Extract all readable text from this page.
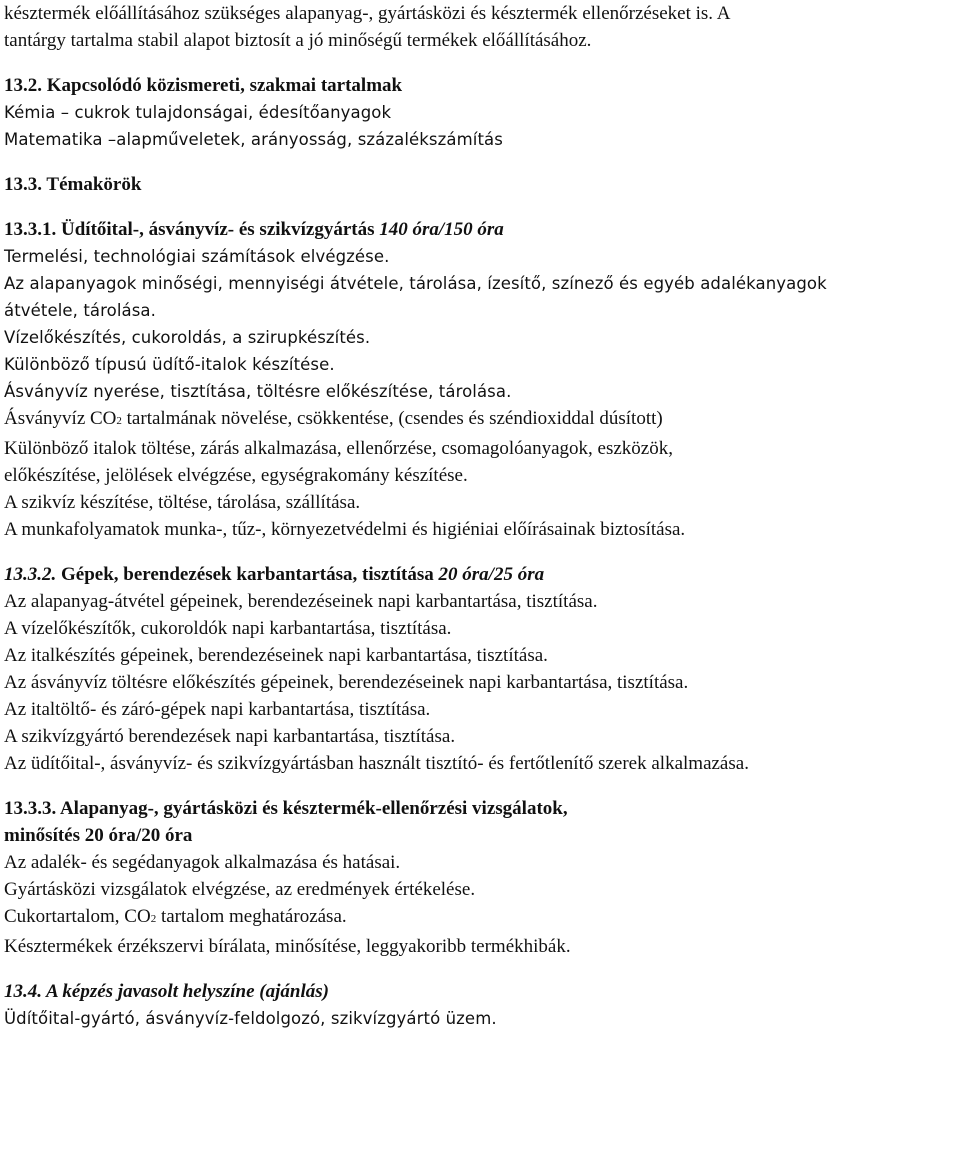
késztermék előállításához szükséges alapanyag-, gyártásközi és késztermék ellenőrzéseket is. A
tantárgy tartalma stabil alapot biztosít a jó minőségű termékek előállításához.
13.2. Kapcsolódó közismereti, szakmai tartalmak
Kémia – cukrok tulajdonságai, édesítőanyagok
Matematika –alapműveletek, arányosság, százalékszámítás
13.3. Témakörök
13.3.1. Üdítőital-, ásványvíz- és szikvízgyártás 140 óra/150 óra
Termelési, technológiai számítások elvégzése.
Az alapanyagok minőségi, mennyiségi átvétele, tárolása, ízesítő, színező és egyéb adalékanyagok
átvétele, tárolása.
Vízelőkészítés, cukoroldás, a szirupkészítés.
Különböző típusú üdítő-italok készítése.
Ásványvíz nyerése, tisztítása, töltésre előkészítése, tárolása.
Ásványvíz CO2 tartalmának növelése, csökkentése, (csendes és széndioxiddal dúsított)
Különböző italok töltése, zárás alkalmazása, ellenőrzése, csomagolóanyagok, eszközök,
előkészítése, jelölések elvégzése, egységrakomány készítése.
A szikvíz készítése, töltése, tárolása, szállítása.
A munkafolyamatok munka-, tűz-, környezetvédelmi és higiéniai előírásainak biztosítása.
13.3.2. Gépek, berendezések karbantartása, tisztítása 20 óra/25 óra
Az alapanyag-átvétel gépeinek, berendezéseinek napi karbantartása, tisztítása.
A vízelőkészítők, cukoroldók napi karbantartása, tisztítása.
Az italkészítés gépeinek, berendezéseinek napi karbantartása, tisztítása.
Az ásványvíz töltésre előkészítés gépeinek, berendezéseinek napi karbantartása, tisztítása.
Az italtöltő- és záró-gépek napi karbantartása, tisztítása.
A szikvízgyártó berendezések napi karbantartása, tisztítása.
Az üdítőital-, ásványvíz- és szikvízgyártásban használt tisztító- és fertőtlenítő szerek alkalmazása.
13.3.3. Alapanyag-, gyártásközi és késztermék-ellenőrzési vizsgálatok,
minősítés 20 óra/20 óra
Az adalék- és segédanyagok alkalmazása és hatásai.
Gyártásközi vizsgálatok elvégzése, az eredmények értékelése.
Cukortartalom, CO2 tartalom meghatározása.
Késztermékek érzékszervi bírálata, minősítése, leggyakoribb termékhibák.
13.4. A képzés javasolt helyszíne (ajánlás)
Üdítőital-gyártó, ásványvíz-feldolgozó, szikvízgyártó üzem.
